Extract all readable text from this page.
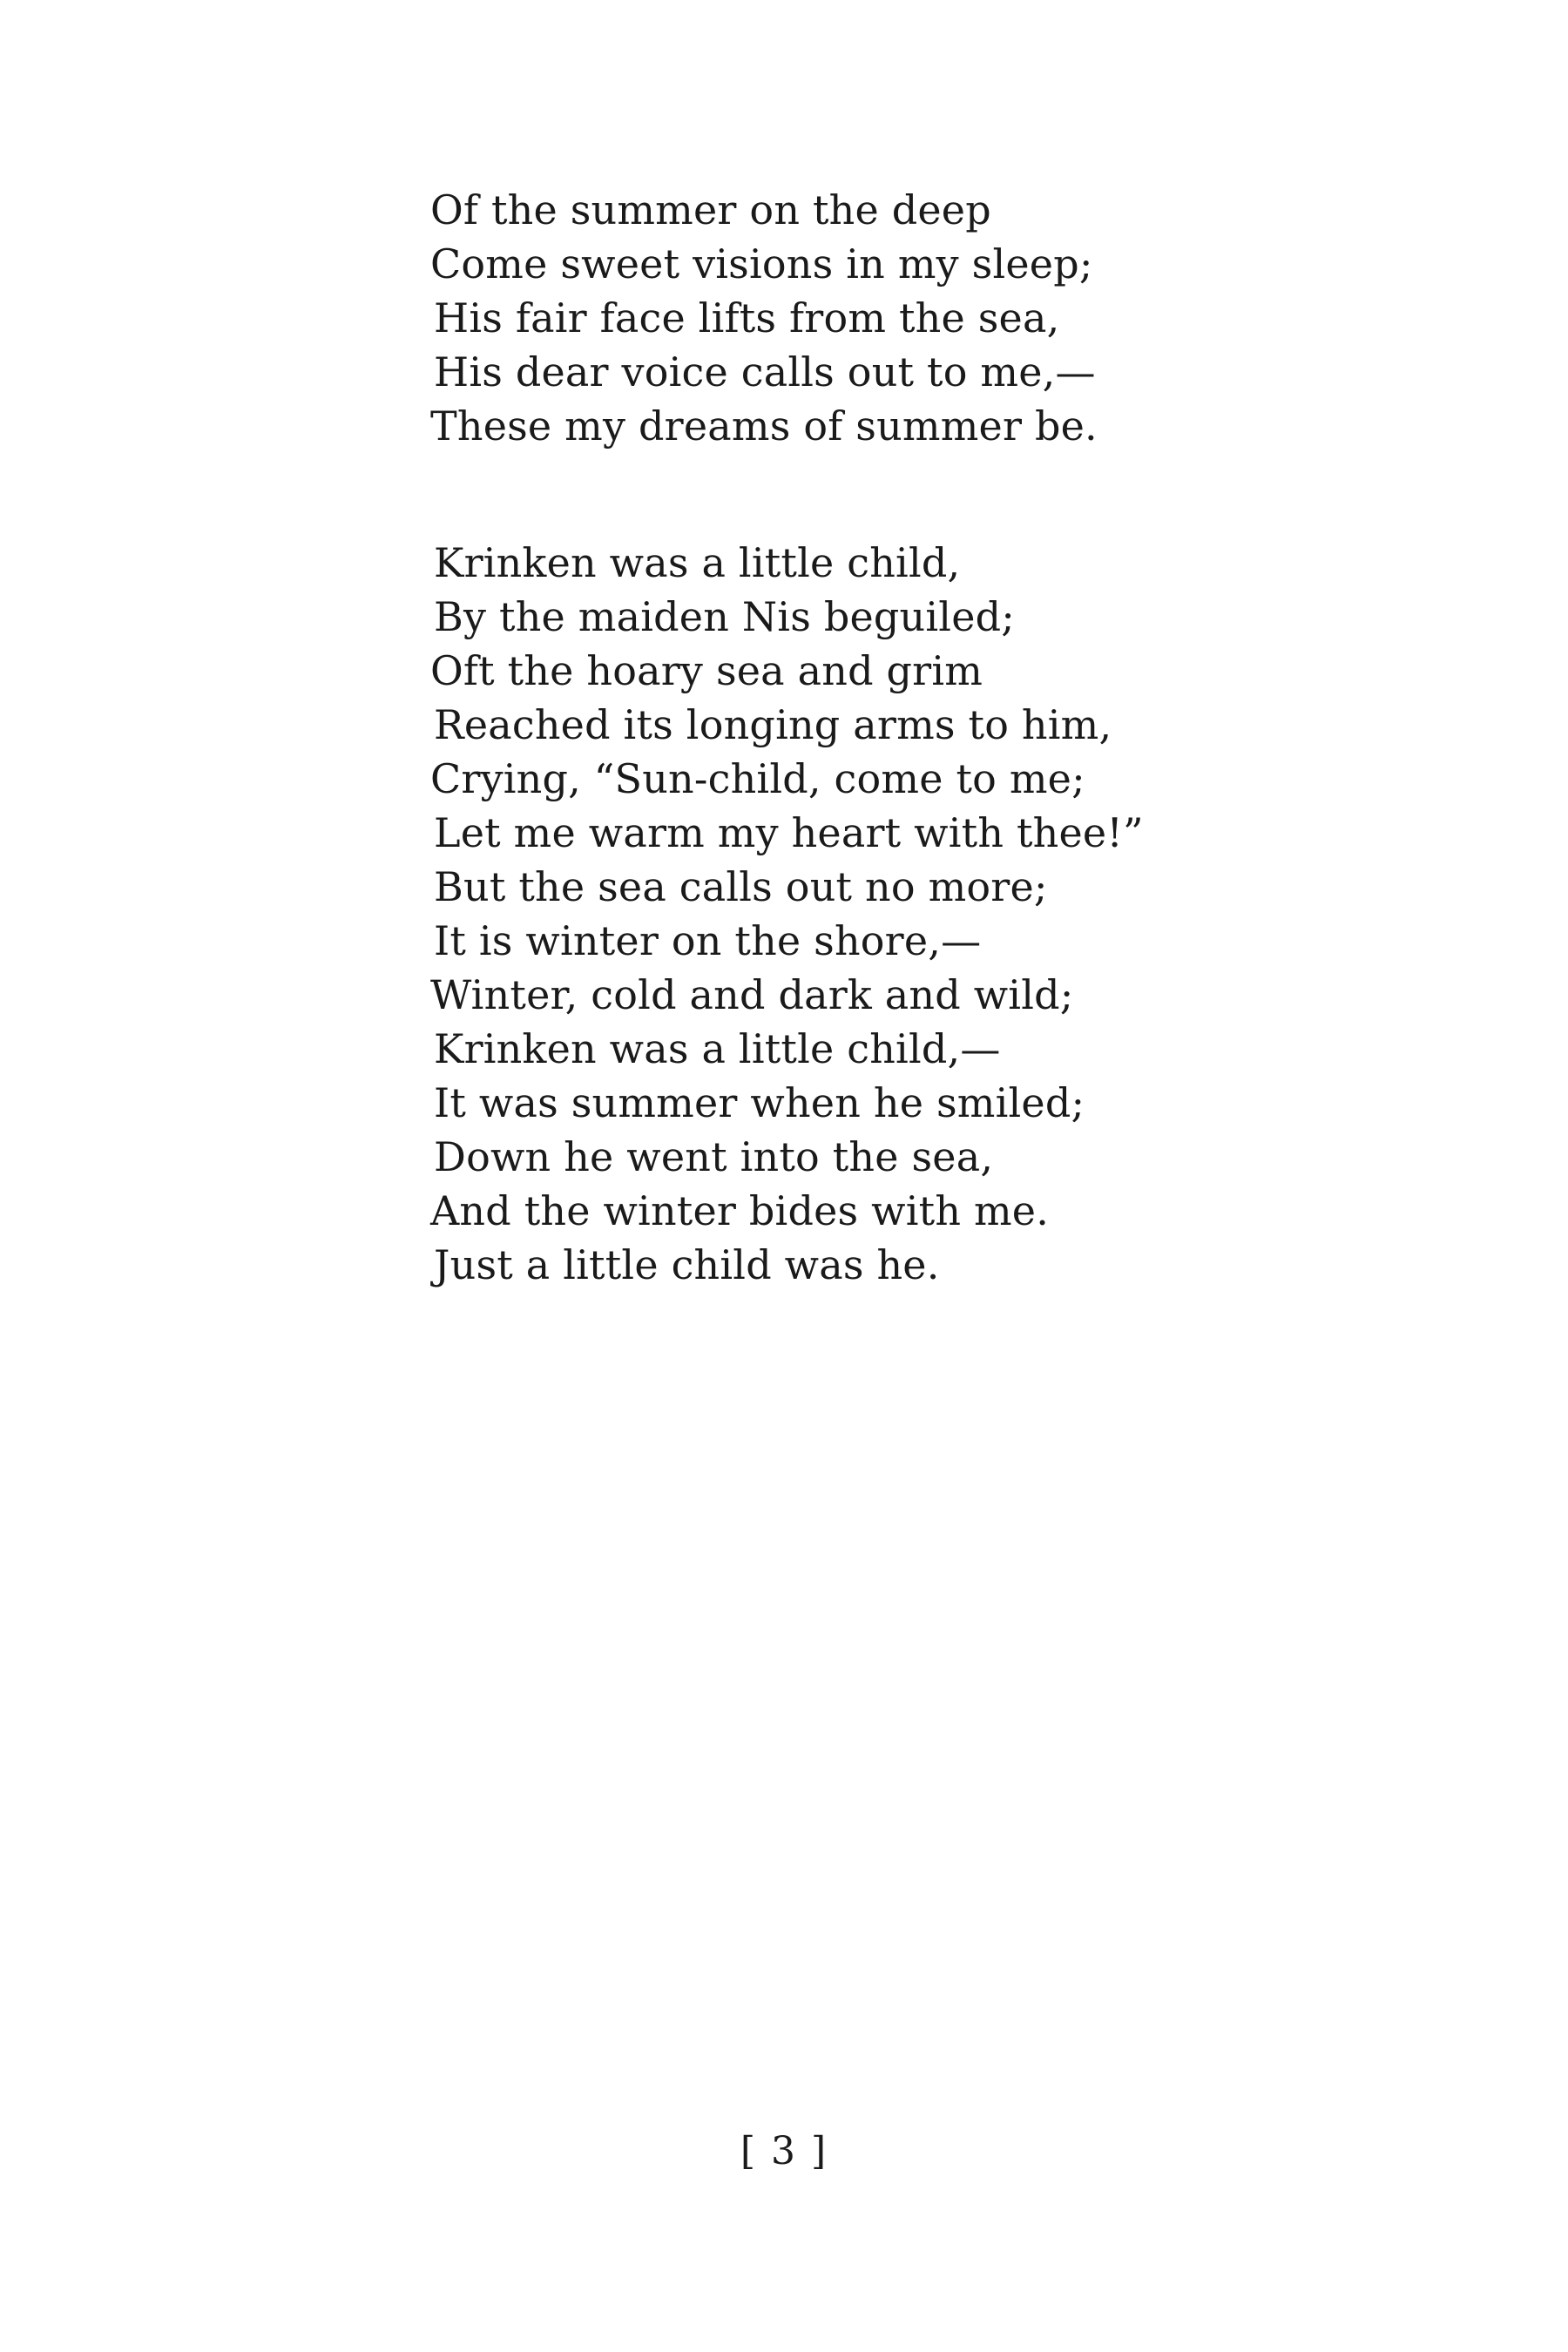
Of the summer on the deep
Come sweet visions in my sleep;
His fair face lifts from the sea,
His dear voice calls out to me,—
These my dreams of summer be.
Krinken was a little child,
By the maiden Nis beguiled;
Oft the hoary sea and grim
Reached its longing arms to him,
Crying, “Sun-child, come to me;
Let me warm my heart with thee!”
But the sea calls out no more;
It is winter on the shore,—
Winter, cold and dark and wild;
Krinken was a little child,—
It was summer when he smiled;
Down he went into the sea,
And the winter bides with me.
Just a little child was he.
[ 3 ]
